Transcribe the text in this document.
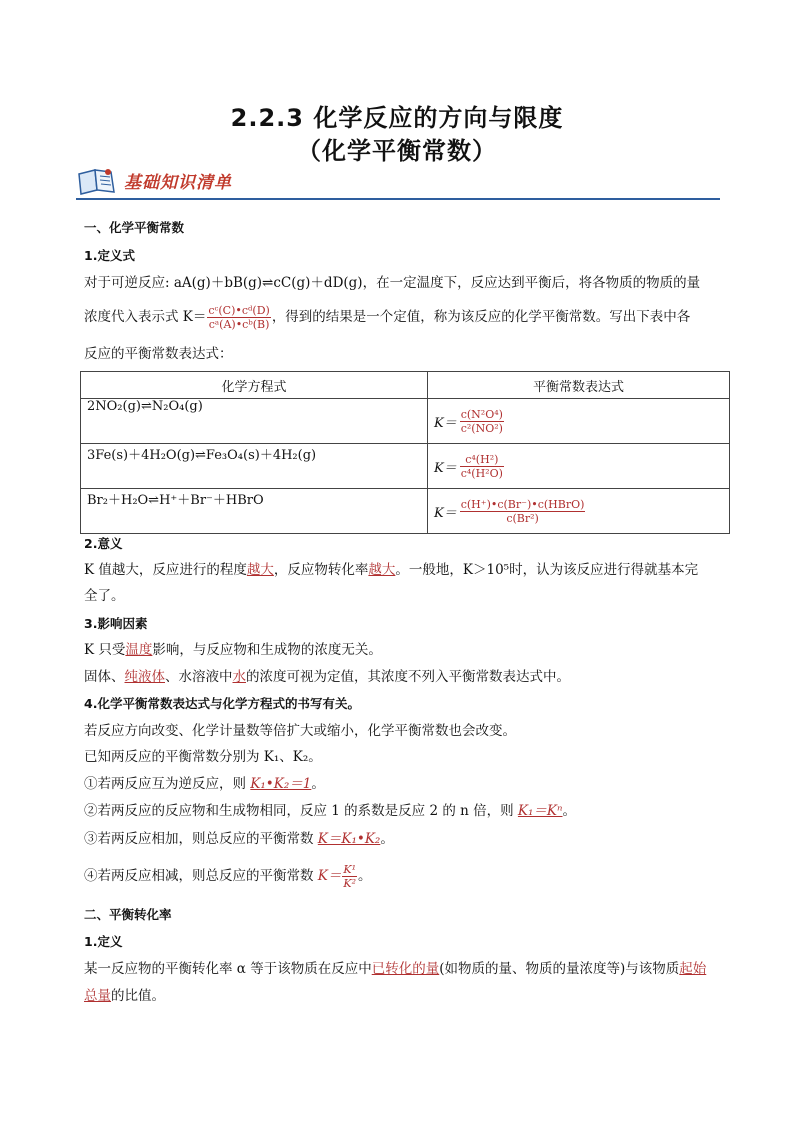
2.2.3 化学反应的方向与限度
（化学平衡常数）
基础知识清单
一、化学平衡常数
1.定义式
对于可逆反应: aA(g)＋bB(g)⇌cC(g)＋dD(g)，在一定温度下，反应达到平衡后，将各物质的物质的量
浓度代入表示式 $K= \frac{\text{cᶜ(C)•cᵈ(D)}}{\text{cᵃ(A)•cᵇ(B)}}$ ，得到的结果是一个定值，称为该反应的化学平衡常数。写出下表中各
反应的平衡常数表达式：
化学方程式	平衡常数表达式
2NO₂(g)⇌N₂O₄(g)	$K= \frac{\text{c(N²O⁴)}}{\text{c²(NO²)}}$

3Fe(s)＋4H₂O(g)⇌Fe₃O₄(s)＋4H₂(g)	$K= \frac{\text{c⁴(H²)}}{\text{c⁴(H²O)}}$

Br₂＋H₂O⇌H⁺＋Br⁻＋HBrO	$K= \frac{\text{c(H⁺)•c(Br⁻)•c(HBrO)}}{\text{c(Br²)}}$
2.意义
K 值越大，反应进行的程度越大，反应物转化率越大。一般地，K＞10⁵时，认为该反应进行得就基本完
全了。
3.影响因素
K 只受温度影响，与反应物和生成物的浓度无关。
固体、纯液体、水溶液中水的浓度可视为定值，其浓度不列入平衡常数表达式中。
4.化学平衡常数表达式与化学方程式的书写有关。
若反应方向改变、化学计量数等倍扩大或缩小，化学平衡常数也会改变。
已知两反应的平衡常数分别为 K₁、K₂。
①若两反应互为逆反应，则 K₁•K₂＝1。
②若两反应的反应物和生成物相同，反应 1 的系数是反应 2 的 n 倍，则 K₁＝Kⁿ。
③若两反应相加，则总反应的平衡常数 K＝K₁•K₂。
④若两反应相减，则总反应的平衡常数 $K= \frac{\text{K¹}}{\text{K²}}$ 。
二、平衡转化率
1.定义
某一反应物的平衡转化率 α 等于该物质在反应中已转化的量(如物质的量、物质的量浓度等)与该物质起始
总量的比值。
